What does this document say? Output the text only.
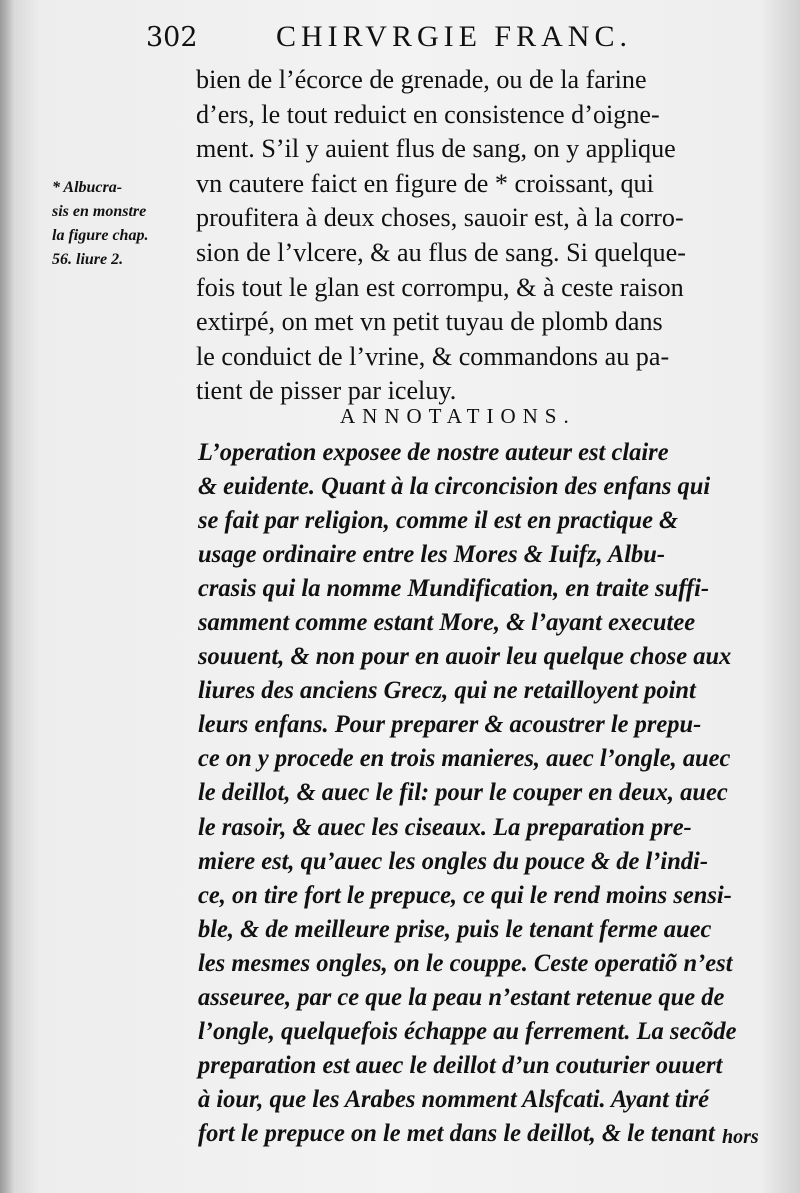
302	CHIRVRGIE FRANC.
* Albucra-
sis en monstre
la figure chap.
56. liure 2.
bien de l’écorce de grenade, ou de la farine
d’ers, le tout reduict en consistence d’oigne-
ment. S’il y auient flus de sang, on y applique
vn cautere faict en figure de * croissant, qui
proufitera à deux choses, sauoir est, à la corro-
sion de l’vlcere, & au flus de sang. Si quelque-
fois tout le glan est corrompu, & à ceste raison
extirpé, on met vn petit tuyau de plomb dans
le conduict de l’vrine, & commandons au pa-
tient de pisser par iceluy.
ANNOTATIONS.
L’operation exposee de nostre auteur est claire
& euidente. Quant à la circoncision des enfans qui
se fait par religion, comme il est en practique &
usage ordinaire entre les Mores & Iuifz, Albu-
crasis qui la nomme Mundification, en traite suffi-
samment comme estant More, & l’ayant executee
souuent, & non pour en auoir leu quelque chose aux
liures des anciens Grecz, qui ne retailloyent point
leurs enfans. Pour preparer & acoustrer le prepu-
ce on y procede en trois manieres, auec l’ongle, auec
le deillot, & auec le fil: pour le couper en deux, auec
le rasoir, & auec les ciseaux. La preparation pre-
miere est, qu’auec les ongles du pouce & de l’indi-
ce, on tire fort le prepuce, ce qui le rend moins sensi-
ble, & de meilleure prise, puis le tenant ferme auec
les mesmes ongles, on le couppe. Ceste operatiõ n’est
asseuree, par ce que la peau n’estant retenue que de
l’ongle, quelquefois échappe au ferrement. La secõde
preparation est auec le deillot d’un couturier ouuert
à iour, que les Arabes nomment Alsfcati. Ayant tiré
fort le prepuce on le met dans le deillot, & le tenant hors
